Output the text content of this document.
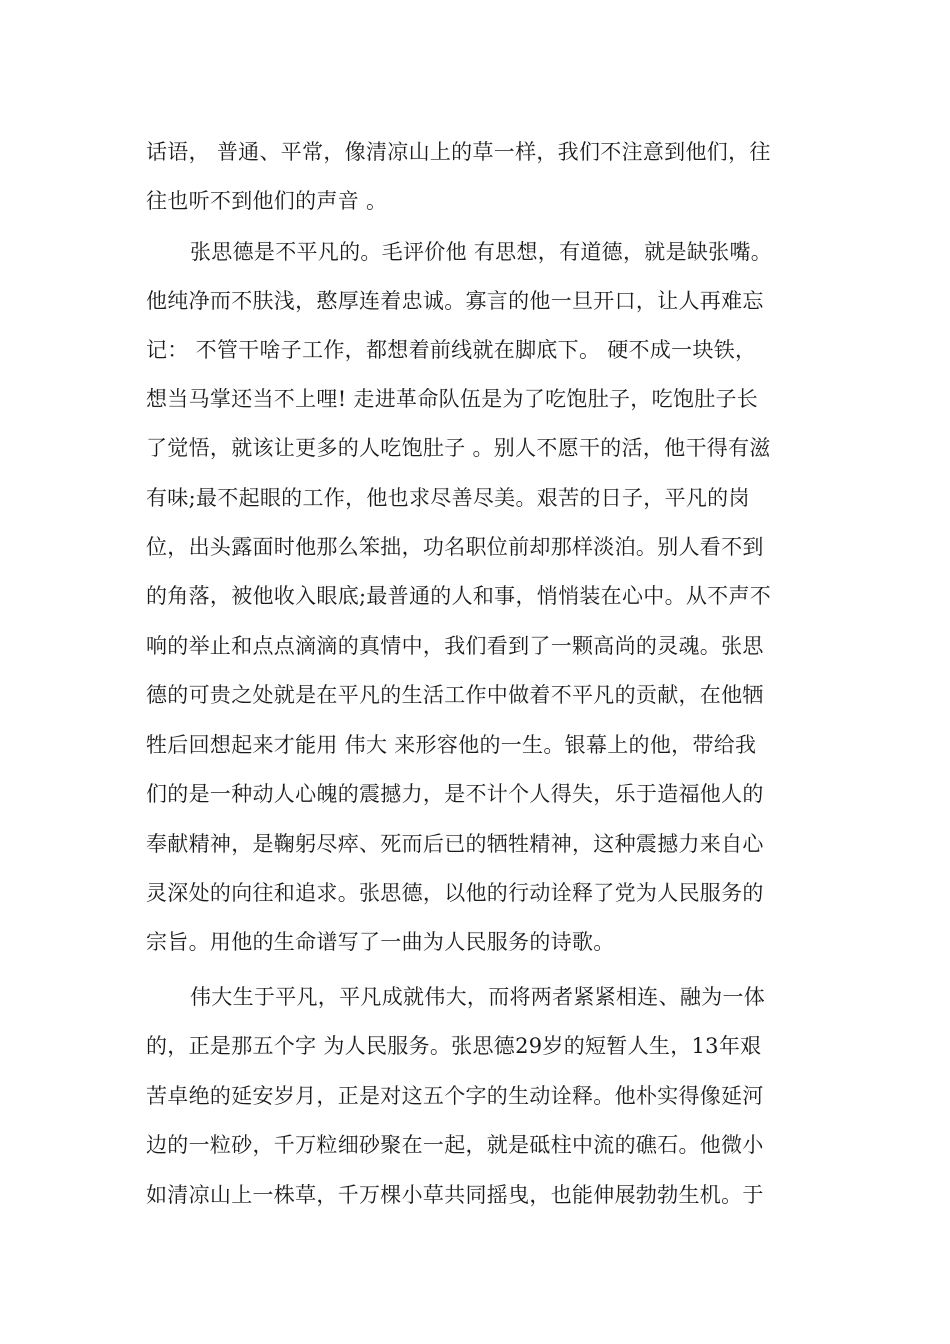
话语， 普通、平常，像清凉山上的草一样，我们不注意到他们，往
往也听不到他们的声音 。
张思德是不平凡的。毛评价他 有思想，有道德，就是缺张嘴。
他纯净而不肤浅，憨厚连着忠诚。寡言的他一旦开口，让人再难忘
记： 不管干啥子工作，都想着前线就在脚底下。 硬不成一块铁，
想当马掌还当不上哩! 走进革命队伍是为了吃饱肚子，吃饱肚子长
了觉悟，就该让更多的人吃饱肚子 。别人不愿干的活，他干得有滋
有味;最不起眼的工作，他也求尽善尽美。艰苦的日子，平凡的岗
位，出头露面时他那么笨拙，功名职位前却那样淡泊。别人看不到
的角落，被他收入眼底;最普通的人和事，悄悄装在心中。从不声不
响的举止和点点滴滴的真情中，我们看到了一颗高尚的灵魂。张思
德的可贵之处就是在平凡的生活工作中做着不平凡的贡献，在他牺
牲后回想起来才能用 伟大 来形容他的一生。银幕上的他，带给我
们的是一种动人心魄的震撼力，是不计个人得失，乐于造福他人的
奉献精神，是鞠躬尽瘁、死而后已的牺牲精神，这种震撼力来自心
灵深处的向往和追求。张思德，以他的行动诠释了党为人民服务的
宗旨。用他的生命谱写了一曲为人民服务的诗歌。
伟大生于平凡，平凡成就伟大，而将两者紧紧相连、融为一体
的，正是那五个字 为人民服务。张思德29岁的短暂人生，13年艰
苦卓绝的延安岁月，正是对这五个字的生动诠释。他朴实得像延河
边的一粒砂，千万粒细砂聚在一起，就是砥柱中流的礁石。他微小
如清凉山上一株草，千万棵小草共同摇曳，也能伸展勃勃生机。于
